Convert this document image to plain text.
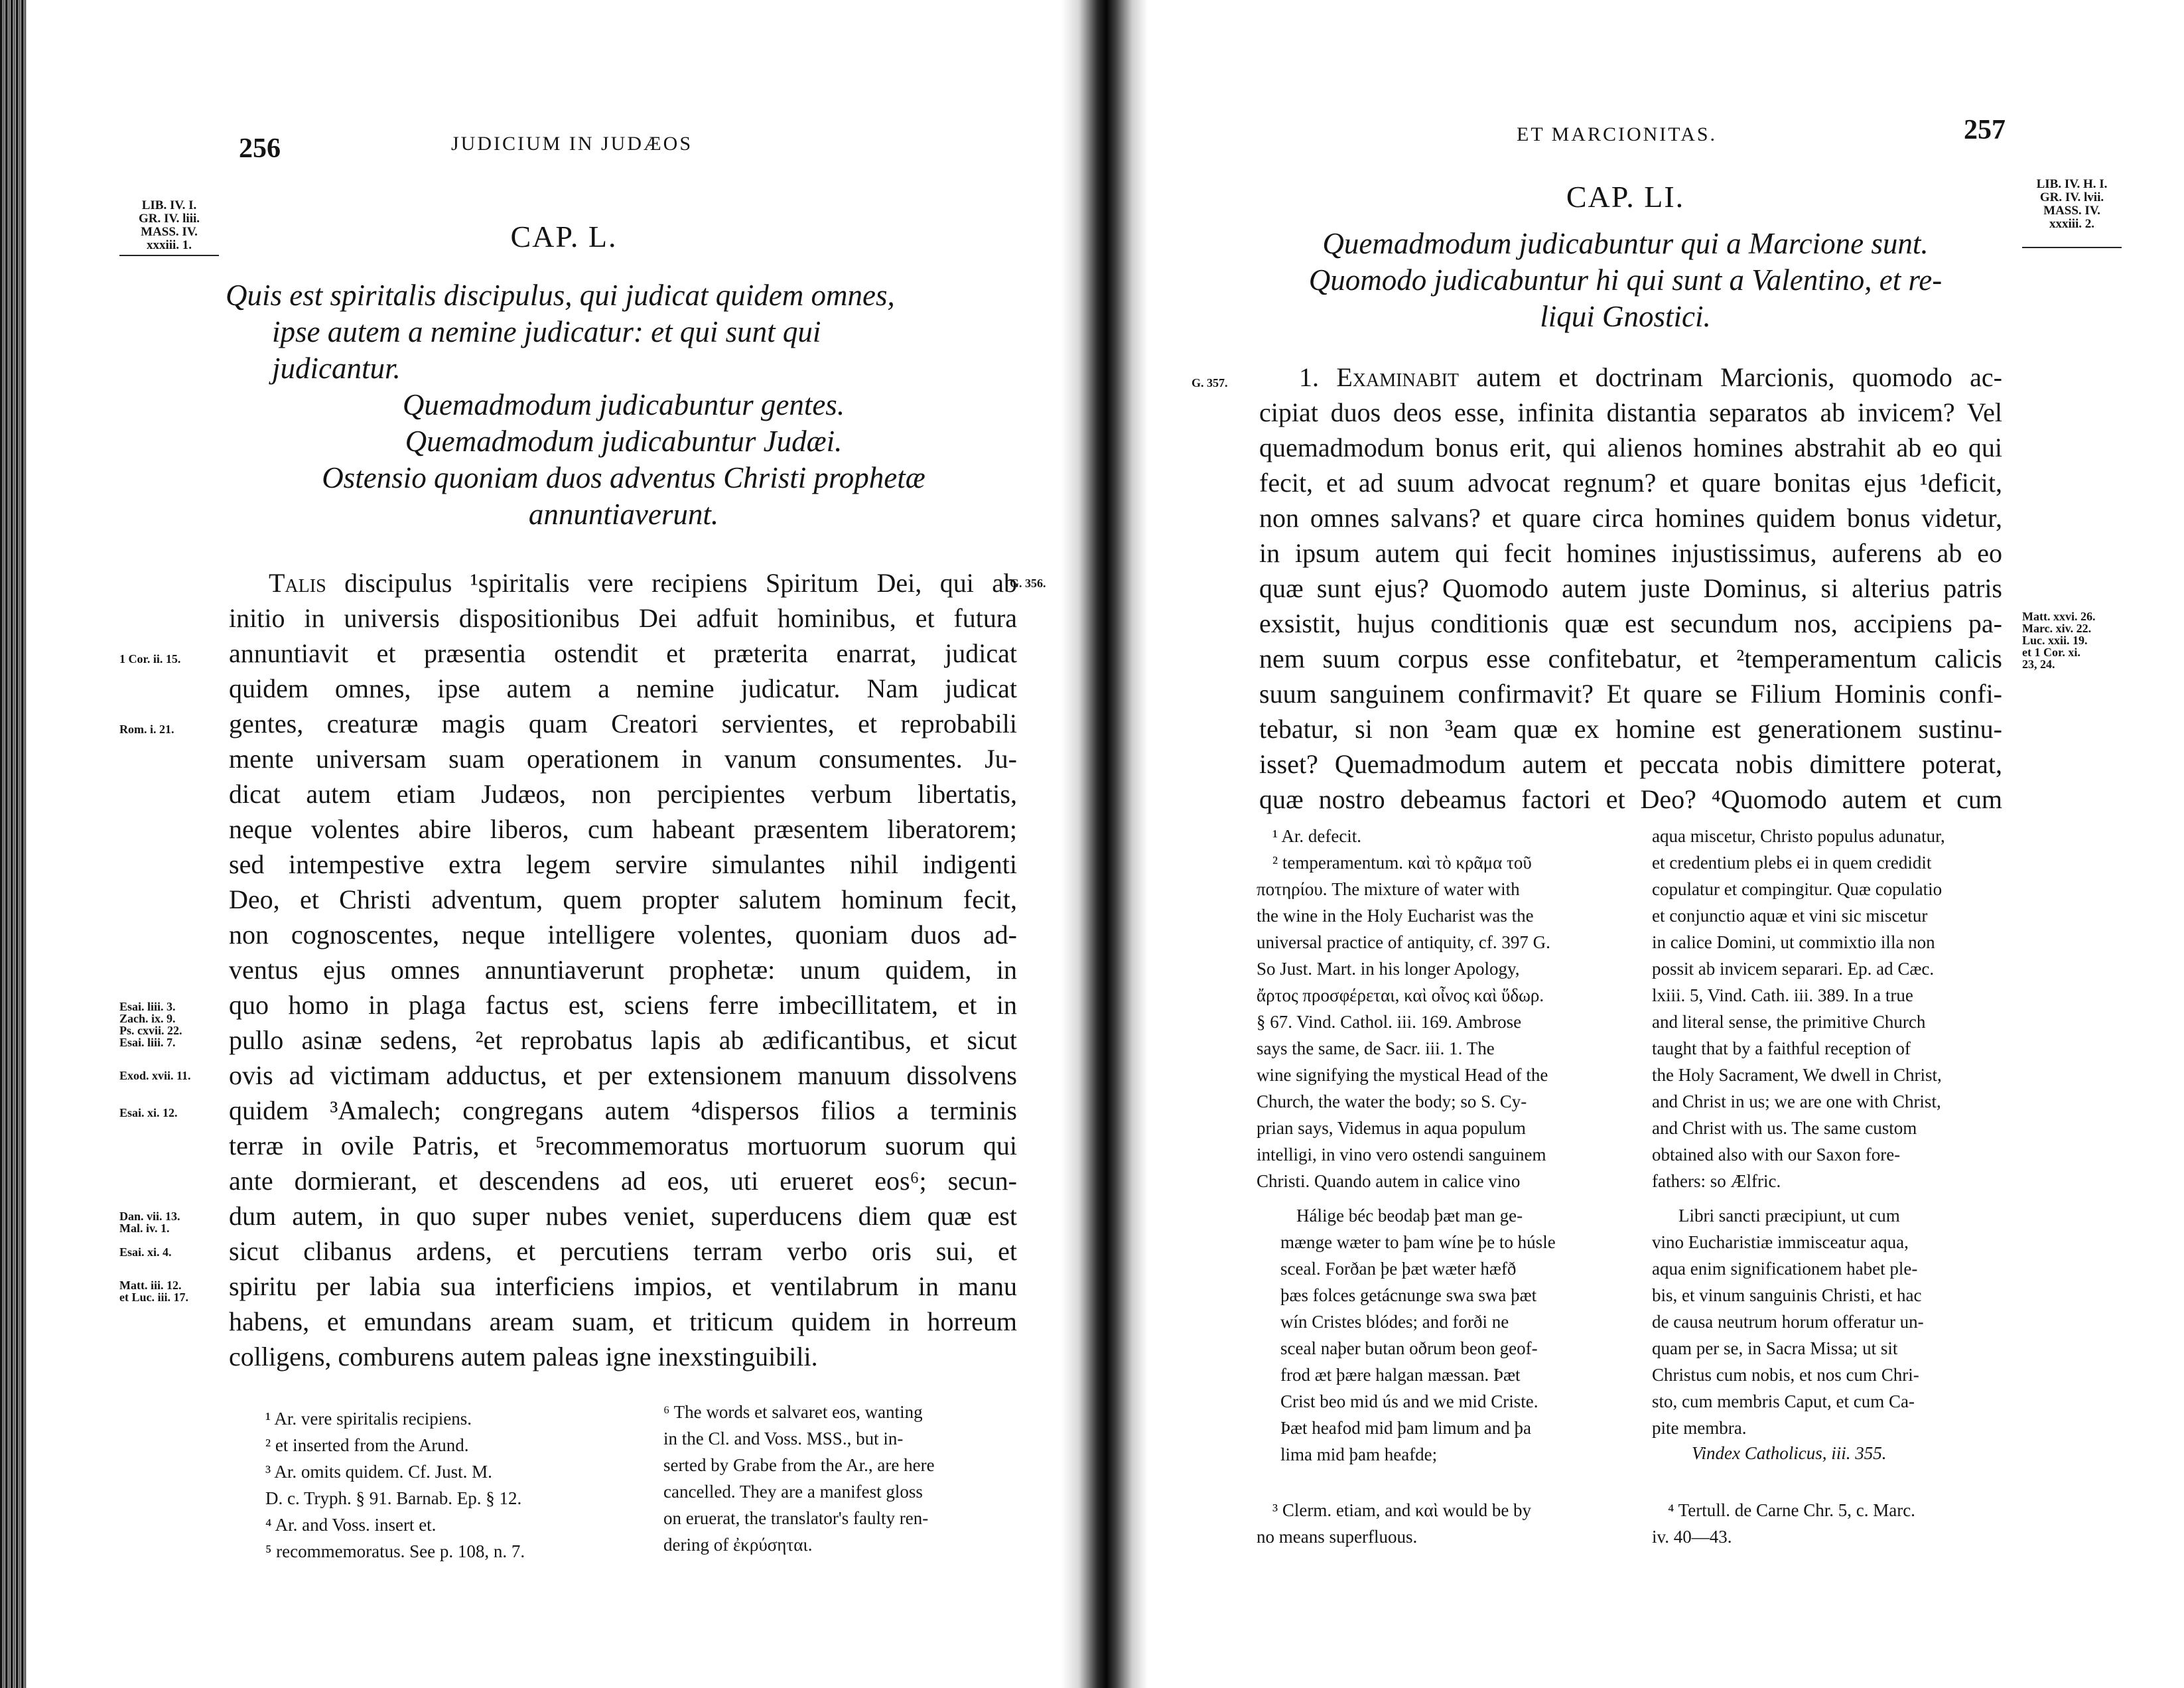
256	JUDICIUM IN JUDÆOS
LIB. IV. I.
GR. IV. liii.
MASS. IV.
xxxiii. 1.	CAP. L.
Quis est spiritalis discipulus, qui judicat quidem omnes,
ipse autem a nemine judicatur: et qui sunt qui
judicantur.
Quemadmodum judicabuntur gentes.
Quemadmodum judicabuntur Judæi.
Ostensio quoniam duos adventus Christi prophetæ
annuntiaverunt.
G. 356.

Talis discipulus ¹spiritalis vere recipiens Spiritum Dei, qui ab

initio in universis dispositionibus Dei adfuit hominibus, et futura

annuntiavit et præsentia ostendit et præterita enarrat, judicat

quidem omnes, ipse autem a nemine judicatur. Nam judicat

gentes, creaturæ magis quam Creatori servientes, et reprobabili

mente universam suam operationem in vanum consumentes. Ju-

dicat autem etiam Judæos, non percipientes verbum libertatis,

neque volentes abire liberos, cum habeant præsentem liberatorem;

sed intempestive extra legem servire simulantes nihil indigenti

Deo, et Christi adventum, quem propter salutem hominum fecit,

non cognoscentes, neque intelligere volentes, quoniam duos ad-

ventus ejus omnes annuntiaverunt prophetæ: unum quidem, in

quo homo in plaga factus est, sciens ferre imbecillitatem, et in

pullo asinæ sedens, ²et reprobatus lapis ab ædificantibus, et sicut

ovis ad victimam adductus, et per extensionem manuum dissolvens

quidem ³Amalech; congregans autem ⁴dispersos filios a terminis

terræ in ovile Patris, et ⁵recommemoratus mortuorum suorum qui

ante dormierant, et descendens ad eos, uti erueret eos⁶; secun-

dum autem, in quo super nubes veniet, superducens diem quæ est

sicut clibanus ardens, et percutiens terram verbo oris sui, et

spiritu per labia sua interficiens impios, et ventilabrum in manu

habens, et emundans aream suam, et triticum quidem in horreum

colligens, comburens autem paleas igne inexstinguibili.

1 Cor. ii. 15.
Rom. i. 21.
Esai. liii. 3.
Zach. ix. 9.
Ps. cxvii. 22.
Esai. liii. 7.
Exod. xvii. 11.
Esai. xi. 12.
Dan. vii. 13.
Mal. iv. 1.
Esai. xi. 4.
Matt. iii. 12.
et Luc. iii. 17.

¹ Ar. vere spiritalis recipiens.

² et inserted from the Arund.

³ Ar. omits quidem. Cf. Just. M.

D. c. Tryph. § 91. Barnab. Ep. § 12.

⁴ Ar. and Voss. insert et.

⁵ recommemoratus. See p. 108, n. 7.

⁶ The words et salvaret eos, wanting

in the Cl. and Voss. MSS., but in-

serted by Grabe from the Ar., are here

cancelled. They are a manifest gloss

on eruerat, the translator's faulty ren-

dering of ἐκρύσηται.

ET MARCIONITAS.	257
LIB. IV. H. I.
GR. IV. lvii.
MASS. IV.
xxxiii. 2.
CAP. LI.
Quemadmodum judicabuntur qui a Marcione sunt.
Quomodo judicabuntur hi qui sunt a Valentino, et re-
liqui Gnostici.
G. 357.	1. Examinabit autem et doctrinam Marcionis, quomodo ac-

cipiat duos deos esse, infinita distantia separatos ab invicem? Vel

quemadmodum bonus erit, qui alienos homines abstrahit ab eo qui

fecit, et ad suum advocat regnum? et quare bonitas ejus ¹deficit,

non omnes salvans? et quare circa homines quidem bonus videtur,

in ipsum autem qui fecit homines injustissimus, auferens ab eo

quæ sunt ejus? Quomodo autem juste Dominus, si alterius patris

exsistit, hujus conditionis quæ est secundum nos, accipiens pa-

nem suum corpus esse confitebatur, et ²temperamentum calicis

suum sanguinem confirmavit? Et quare se Filium Hominis confi-

tebatur, si non ³eam quæ ex homine est generationem sustinu-

isset? Quemadmodum autem et peccata nobis dimittere poterat,

quæ nostro debeamus factori et Deo? ⁴Quomodo autem et cum

Matt. xxvi. 26.
Marc. xiv. 22.
Luc. xxii. 19.
et 1 Cor. xi.
23, 24.

¹ Ar. defecit.

² temperamentum. καὶ τὸ κρᾶμα τοῦ

ποτηρίου. The mixture of water with

the wine in the Holy Eucharist was the

universal practice of antiquity, cf. 397 G.

So Just. Mart. in his longer Apology,

ἄρτος προσφέρεται, καὶ οἶνος καὶ ὕδωρ.

§ 67. Vind. Cathol. iii. 169. Ambrose

says the same, de Sacr. iii. 1. The

wine signifying the mystical Head of the

Church, the water the body; so S. Cy-

prian says, Videmus in aqua populum

intelligi, in vino vero ostendi sanguinem

Christi. Quando autem in calice vino

aqua miscetur, Christo populus adunatur,

et credentium plebs ei in quem credidit

copulatur et compingitur. Quæ copulatio

et conjunctio aquæ et vini sic miscetur

in calice Domini, ut commixtio illa non

possit ab invicem separari. Ep. ad Cæc.

lxiii. 5, Vind. Cath. iii. 389. In a true

and literal sense, the primitive Church

taught that by a faithful reception of

the Holy Sacrament, We dwell in Christ,

and Christ in us; we are one with Christ,

and Christ with us. The same custom

obtained also with our Saxon fore-

fathers: so Ælfric.

Hálige béc beodaþ þæt man ge-

mænge wæter to þam wíne þe to húsle

sceal. Forðan þe þæt wæter hæfð

þæs folces getácnunge swa swa þæt

wín Cristes blódes; and forði ne

sceal naþer butan oðrum beon geof-

frod æt þære halgan mæssan. Þæt

Crist beo mid ús and we mid Criste.

Þæt heafod mid þam limum and þa

lima mid þam heafde;

Libri sancti præcipiunt, ut cum

vino Eucharistiæ immisceatur aqua,

aqua enim significationem habet ple-

bis, et vinum sanguinis Christi, et hac

de causa neutrum horum offeratur un-

quam per se, in Sacra Missa; ut sit

Christus cum nobis, et nos cum Chri-

sto, cum membris Caput, et cum Ca-

pite membra.

Vindex Catholicus, iii. 355.

³ Clerm. etiam, and καὶ would be by

no means superfluous.

⁴ Tertull. de Carne Chr. 5, c. Marc.

iv. 40—43.
